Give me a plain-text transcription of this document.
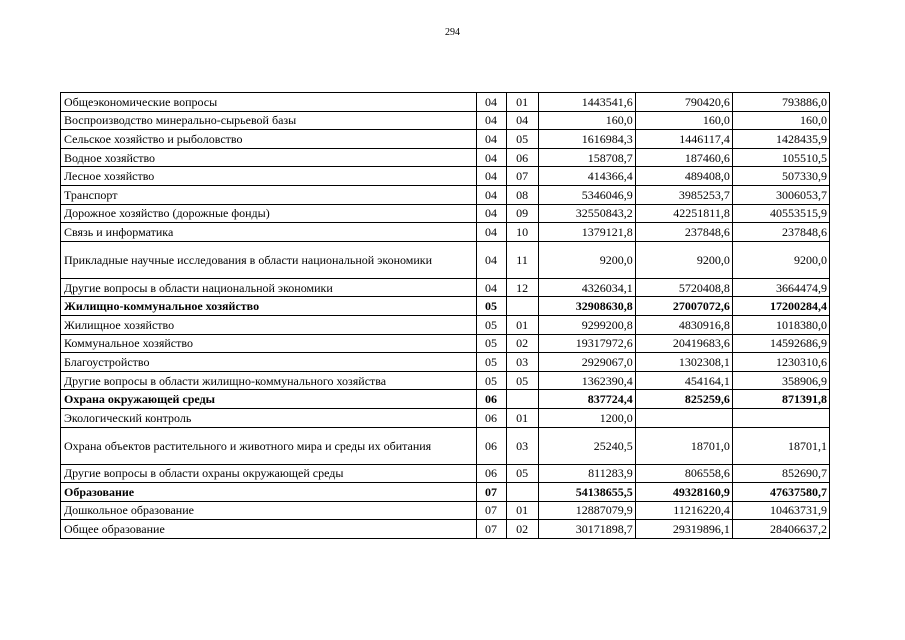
294
Общеэкономические вопросы	04	01	1443541,6	790420,6	793886,0
Воспроизводство минерально-сырьевой базы	04	04	160,0	160,0	160,0
Сельское хозяйство и рыболовство	04	05	1616984,3	1446117,4	1428435,9
Водное хозяйство	04	06	158708,7	187460,6	105510,5
Лесное хозяйство	04	07	414366,4	489408,0	507330,9
Транспорт	04	08	5346046,9	3985253,7	3006053,7
Дорожное хозяйство (дорожные фонды)	04	09	32550843,2	42251811,8	40553515,9
Связь и информатика	04	10	1379121,8	237848,6	237848,6
Прикладные научные исследования в области национальной экономики	04	11	9200,0	9200,0	9200,0
Другие вопросы в области национальной экономики	04	12	4326034,1	5720408,8	3664474,9
Жилищно-коммунальное хозяйство	05		32908630,8	27007072,6	17200284,4
Жилищное хозяйство	05	01	9299200,8	4830916,8	1018380,0
Коммунальное хозяйство	05	02	19317972,6	20419683,6	14592686,9
Благоустройство	05	03	2929067,0	1302308,1	1230310,6
Другие вопросы в области жилищно-коммунального хозяйства	05	05	1362390,4	454164,1	358906,9
Охрана окружающей среды	06		837724,4	825259,6	871391,8
Экологический контроль	06	01	1200,0		
Охрана объектов растительного и животного мира и среды их обитания	06	03	25240,5	18701,0	18701,1
Другие вопросы в области охраны окружающей среды	06	05	811283,9	806558,6	852690,7
Образование	07		54138655,5	49328160,9	47637580,7
Дошкольное образование	07	01	12887079,9	11216220,4	10463731,9
Общее образование	07	02	30171898,7	29319896,1	28406637,2
